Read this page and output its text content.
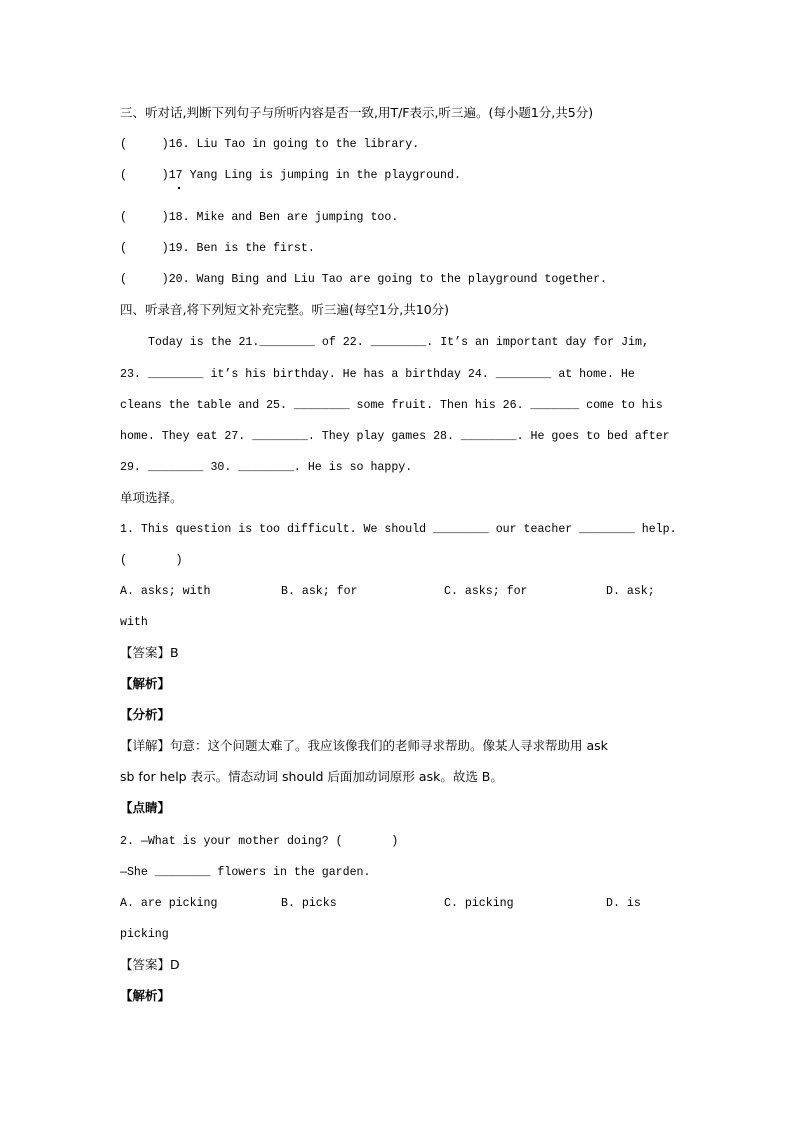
三、听对话,判断下列句子与所听内容是否一致,用T/F表示,听三遍。(每小题1分,共5分)
(     )16. Liu Tao in going to the library.
(     )17 Yang Ling is jumping in the playground.
(     )18. Mike and Ben are jumping too.
(     )19. Ben is the first.
(     )20. Wang Bing and Liu Tao are going to the playground together.
四、听录音,将下列短文补充完整。听三遍(每空1分,共10分)
Today is the 21.________ of 22. ________. It’s an important day for Jim,
23. ________ it’s his birthday. He has a birthday 24. ________ at home. He
cleans the table and 25. ________ some fruit. Then his 26. _______ come to his
home. They eat 27. ________. They play games 28. ________. He goes to bed after
29. ________ 30. ________. He is so happy.
单项选择。
1. This question is too difficult. We should ________ our teacher ________ help.
(       )
A. asks; with	B. ask; for	C. asks; for	D. ask;
with
【答案】B
【解析】
【分析】
【详解】句意：这个问题太难了。我应该像我们的老师寻求帮助。像某人寻求帮助用 ask
sb for help 表示。情态动词 should 后面加动词原形 ask。故选 B。
【点睛】
2. —What is your mother doing? (       )
—She ________ flowers in the garden.
A. are picking	B. picks	C. picking	D. is
picking
【答案】D
【解析】
